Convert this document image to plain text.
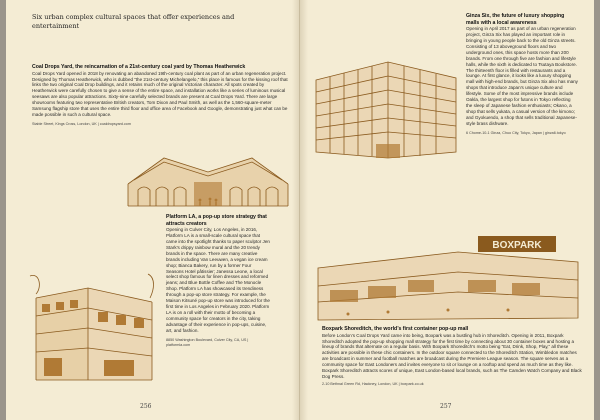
Six urban complex cultural spaces that offer experiences and entertainment
Coal Drops Yard, the reincarnation of a 21st-century coal yard by Thomas Heatherwick
Coal Drops Yard opened in 2018 by renovating an abandoned 19th-century coal plant as part of an urban regeneration project. Designed by Thomas Heatherwick, who is dubbed “the 21st-century Michelangelo,” this place is famous for the kissing roof that links the two original Coal Drop buildings, and it retains much of the original Victorian character. All spots created by Heatherwick were carefully chosen to give a sense of the entire space, and installation works like a series of luminous musical seesaws are also popular attractions. Sixty-nine carefully selected brands are present at Coal Drops Yard. There are large showrooms featuring two representative British creators, Tom Dixon and Paul Smith, as well as the 1,560-square-meter Samsung flagship store that uses the entire third floor and office area of Facebook and Google, demonstrating just what can be made possible in such a cultural space.
Stable Street, Kings Cross, London, UK | coaldropsyard.com
Platform LA, a pop-up store strategy that attracts creators
Opening in Culver City, Los Angeles, in 2016, Platform LA is a small-scale cultural space that came into the spotlight thanks to paper sculptor Jen Stark’s drippy rainbow mural and the 20 trendy brands in the space. There are many creative brands including Van Leeuwen, a vegan ice cream shop; Bianca Bakery, run by a former Four Seasons Hotel pâtissier; Janessa Leone, a local select shop famous for linen dresses and reformed jeans; and Blue Bottle Coffee and The Monocle Shop. Platform LA has showcased its trendiness through a pop-up store strategy. For example, the Maison Kitsuné pop-up store was introduced for the first time in Los Angeles in February 2020. Platform LA is on a roll with their motto of becoming a community space for creators in the city, taking advantage of their experience in pop-ups, cuisine, art, and fashion.
8850 Washington Boulevard, Culver City, CA, US | platformla.com
256
Ginza Six, the future of luxury shopping malls with a local awareness
Opening in April 2017 as part of an urban regeneration project, Ginza Six has played an important role in bringing in young people back to the old Ginza streets. Consisting of 13 aboveground floors and two underground ones, this space hosts more than 200 brands. From one through five are fashion and lifestyle halls, while the sixth is dedicated to Tsutaya Bookstore. The thirteenth floor is filled with restaurants and a lounge. At first glance, it looks like a luxury shopping mall with high-end brands, but Ginza Six also has many shops that introduce Japan’s unique culture and lifestyle. Some of the most impressive brands include Oakla, the largest shop for futons in Tokyo reflecting the sleep of Japanese fashion enthusiasts; Okano, a shop that sells yukata, a casual version of the kimono; and Gyokuendo, a shop that sells traditional Japanese-style brass dishware.
6 Chome-10-1 Ginza, Chuo City, Tokyo, Japan | ginza6.tokyo
BOXPARK
Boxpark Shoreditch, the world’s first container pop-up mall
Before London’s Coal Drops Yard came into being, Boxpark was a bustling hub in Shoreditch. Opening in 2011, Boxpark Shoreditch adopted the pop-up shopping mall strategy for the first time by connecting about 30 container boxes and hosting a lineup of brands that alternate on a regular basis. With Boxpark Shoreditch’s motto being “Eat, Drink, Shop, Play,” all these activities are possible in these chic containers. In the outdoor square connected to the Shoreditch Station, Wimbledon matches are broadcast in summer and football matches are broadcast during the Premiere League season. The square serves as a community space for East Londoners and invites everyone to sit or lounge on a rooftop and spend as much time as they like. Boxpark Shoreditch attracts scores of unique, East London-based local brands, such as The Camden Watch Company and Black Dog Press.
2-10 Bethnal Green Rd, Hackney, London, UK | boxpark.co.uk
257
